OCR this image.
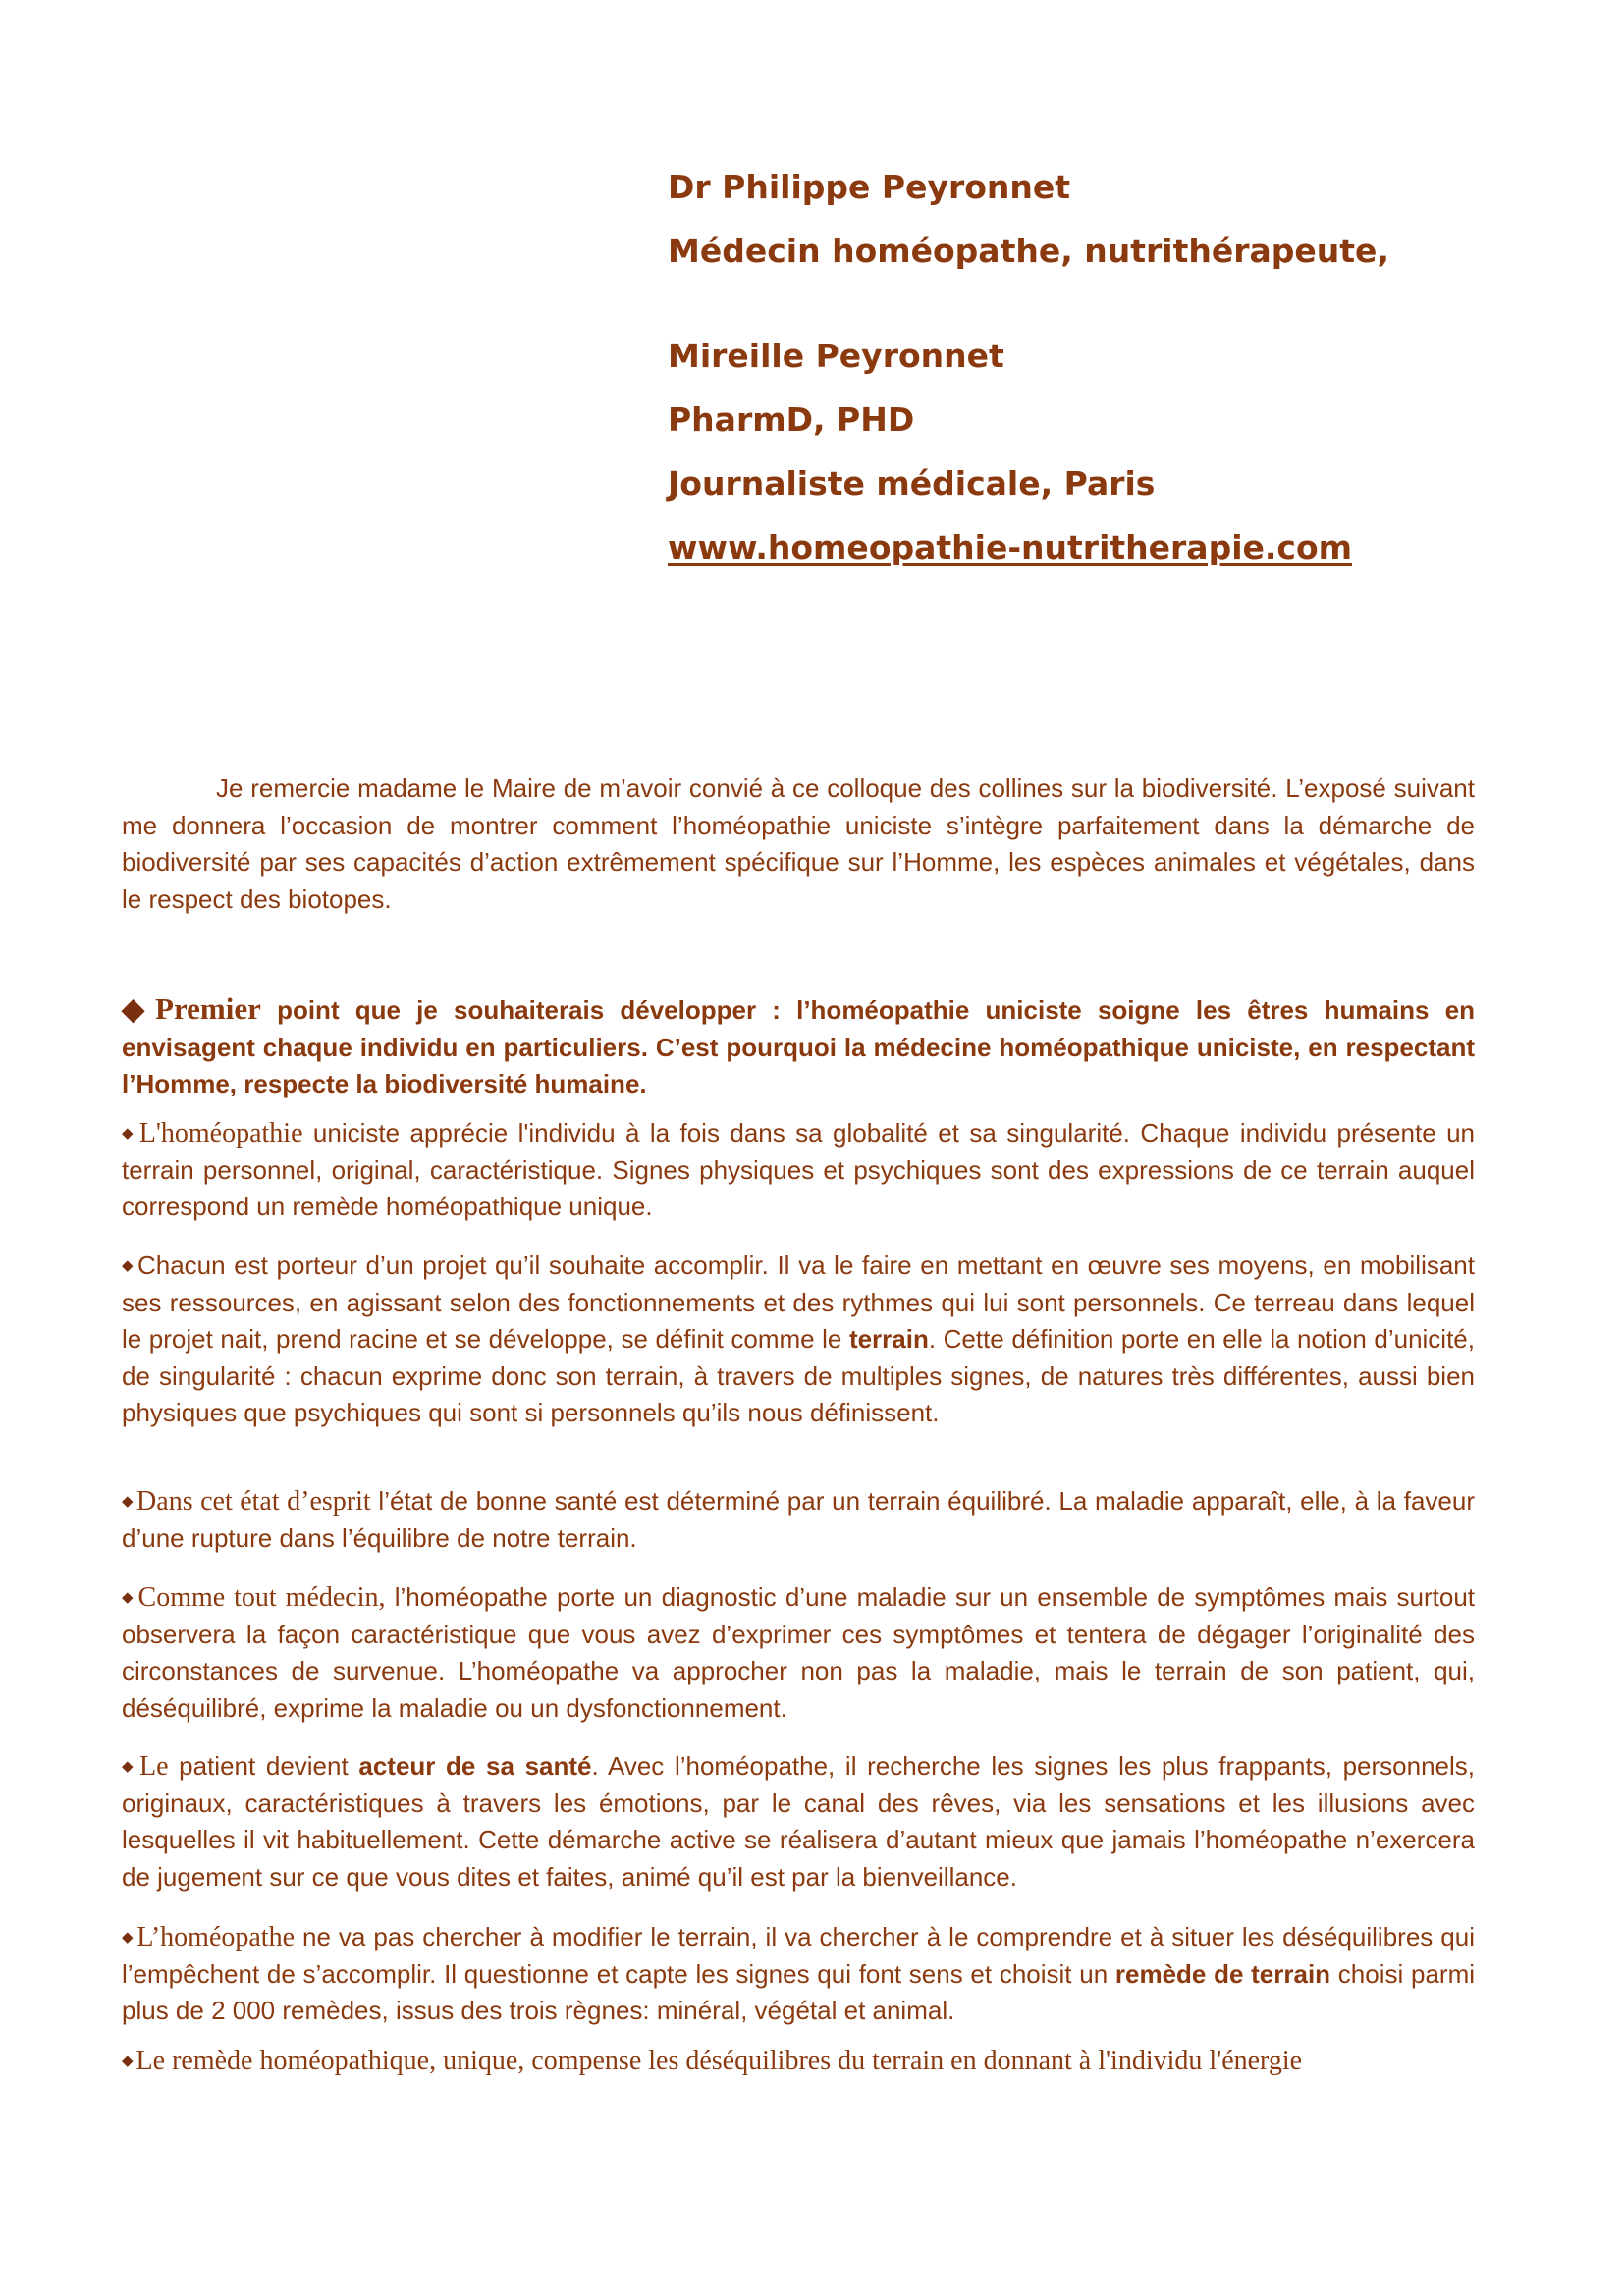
Dr Philippe Peyronnet

Médecin homéopathe, nutrithérapeute,

Mireille Peyronnet

PharmD, PHD

Journaliste médicale, Paris

www.homeopathie-nutritherapie.com

Je remercie madame le Maire de m’avoir convié à ce colloque des collines sur la biodiversité. L’exposé suivant me donnera l’occasion de montrer comment l’homéopathie uniciste s’intègre parfaitement dans la démarche de biodiversité par ses capacités d’action extrêmement spécifique sur l’Homme, les espèces animales et végétales, dans le respect des biotopes.

◆Premier point que je souhaiterais développer : l’homéopathie uniciste soigne les êtres humains en envisagent chaque individu en particuliers. C’est pourquoi la médecine homéopathique uniciste, en respectant l’Homme, respecte la biodiversité humaine.

◆ L'homéopathie uniciste apprécie l'individu à la fois dans sa globalité et sa singularité. Chaque individu présente un terrain personnel, original, caractéristique. Signes physiques et psychiques sont des expressions de ce terrain auquel correspond un remède homéopathique unique.

◆ Chacun est porteur d’un projet qu’il souhaite accomplir. Il va le faire en mettant en œuvre ses moyens, en mobilisant ses ressources, en agissant selon des fonctionnements et des rythmes qui lui sont personnels. Ce terreau dans lequel le projet nait, prend racine et se développe, se définit comme le terrain. Cette définition porte en elle la notion d’unicité, de singularité : chacun exprime donc son terrain, à travers de multiples signes, de natures très différentes, aussi bien physiques que psychiques qui sont si personnels qu’ils nous définissent.

◆ Dans cet état d’esprit l’état de bonne santé est déterminé par un terrain équilibré. La maladie apparaît, elle, à la faveur d’une rupture dans l’équilibre de notre terrain.

◆ Comme tout médecin, l’homéopathe porte un diagnostic d’une maladie sur un ensemble de symptômes mais surtout observera la façon caractéristique que vous avez d’exprimer ces symptômes et tentera de dégager l’originalité des circonstances de survenue. L’homéopathe va approcher non pas la maladie, mais le terrain de son patient, qui, déséquilibré, exprime la maladie ou un dysfonctionnement.

◆ Le patient devient acteur de sa santé. Avec l’homéopathe, il recherche les signes les plus frappants, personnels, originaux, caractéristiques à travers les émotions, par le canal des rêves, via les sensations et les illusions avec lesquelles il vit habituellement. Cette démarche active se réalisera d’autant mieux que jamais l’homéopathe n’exercera de jugement sur ce que vous dites et faites, animé qu’il est par la bienveillance.

◆ L’homéopathe ne va pas chercher à modifier le terrain, il va chercher à le comprendre et à situer les déséquilibres qui l’empêchent de s’accomplir. Il questionne et capte les signes qui font sens et choisit un remède de terrain choisi parmi plus de 2 000 remèdes, issus des trois règnes: minéral, végétal et animal.

◆ Le remède homéopathique, unique, compense les déséquilibres du terrain en donnant à l'individu l'énergie
